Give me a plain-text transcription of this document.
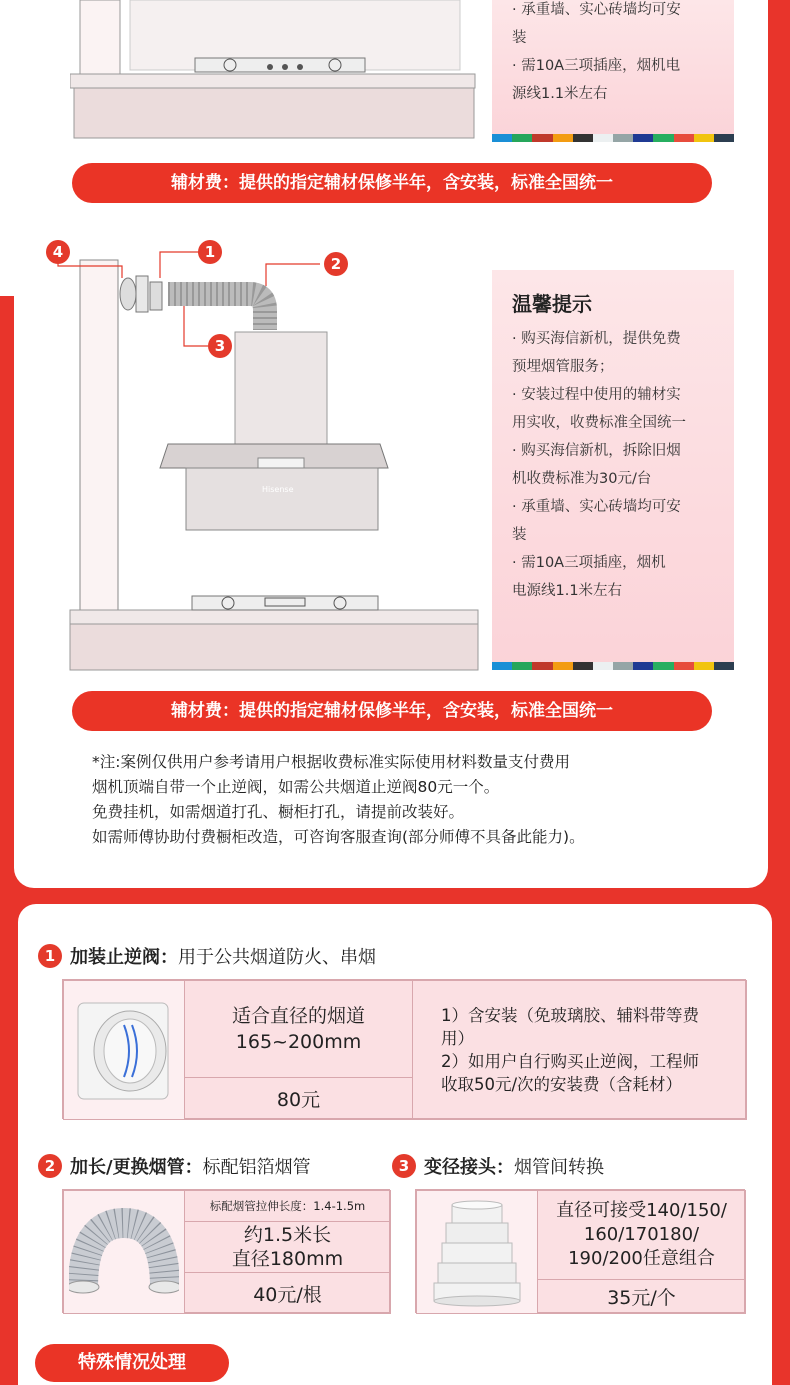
· 承重墙、实心砖墙均可安
装
· 需10A三项插座，烟机电
源线1.1米左右
辅材费：提供的指定辅材保修半年，含安装，标准全国统一
Hisense
4	1
2
3
温馨提示
· 购买海信新机，提供免费
预埋烟管服务；
· 安装过程中使用的辅材实
用实收，收费标准全国统一
· 购买海信新机，拆除旧烟
机收费标准为30元/台
· 承重墙、实心砖墙均可安
装
· 需10A三项插座，烟机
电源线1.1米左右
辅材费：提供的指定辅材保修半年，含安装，标准全国统一
*注:案例仅供用户参考请用户根据收费标准实际使用材料数量支付费用
烟机顶端自带一个止逆阀，如需公共烟道止逆阀80元一个。
免费挂机，如需烟道打孔、橱柜打孔，请提前改装好。
如需师傅协助付费橱柜改造，可咨询客服查询(部分师傅不具备此能力)。
1 加装止逆阀： 用于公共烟道防火、串烟
适合直径的烟道
165~200mm
80元
1）含安装（免玻璃胶、辅料带等费
用）
2）如用户自行购买止逆阀，工程师
收取50元/次的安装费（含耗材）
2 加长/更换烟管： 标配铝箔烟管
标配烟管拉伸长度：1.4-1.5m
约1.5米长
直径180mm
40元/根
3 变径接头： 烟管间转换
直径可接受140/150/
160/170180/
190/200任意组合
35元/个
特殊情况处理
